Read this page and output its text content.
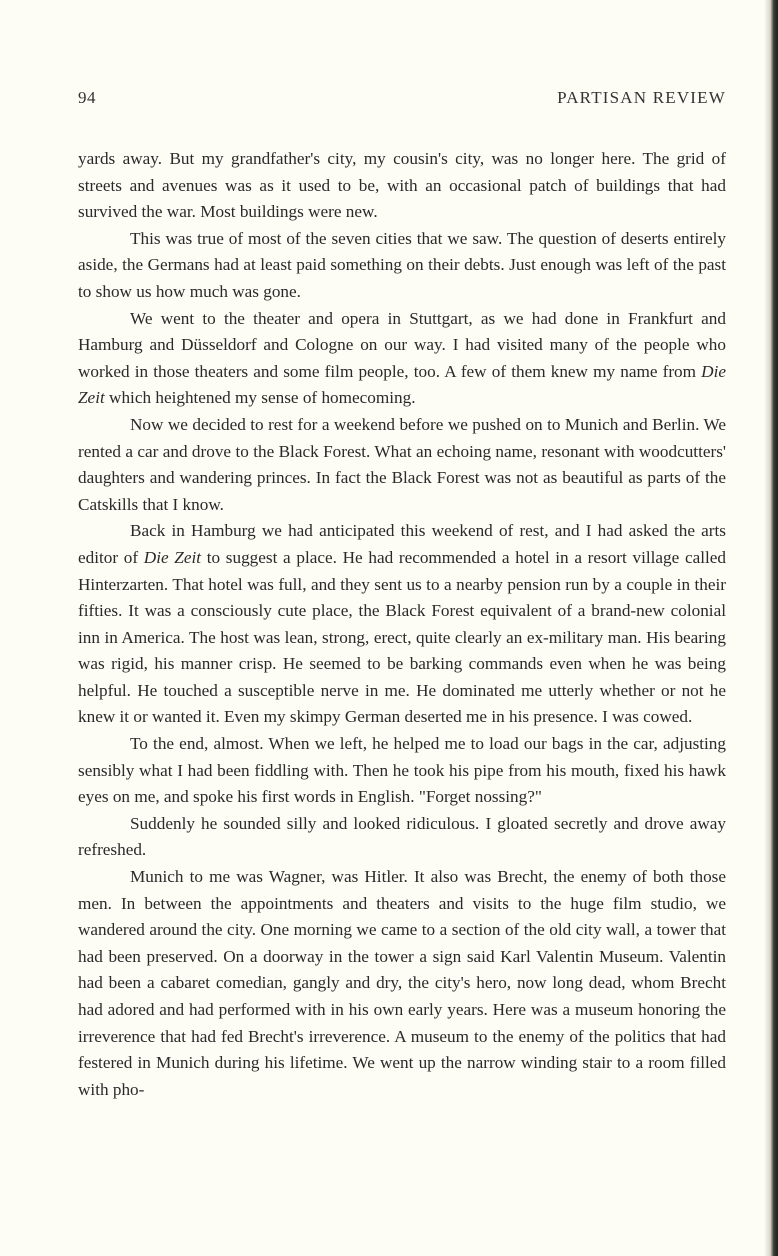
94	PARTISAN REVIEW

yards away. But my grandfather's city, my cousin's city, was no longer here. The grid of streets and avenues was as it used to be, with an occasional patch of buildings that had survived the war. Most buildings were new.

This was true of most of the seven cities that we saw. The question of deserts entirely aside, the Germans had at least paid something on their debts. Just enough was left of the past to show us how much was gone.

We went to the theater and opera in Stuttgart, as we had done in Frankfurt and Hamburg and Düsseldorf and Cologne on our way. I had visited many of the people who worked in those theaters and some film people, too. A few of them knew my name from Die Zeit which heightened my sense of homecoming.

Now we decided to rest for a weekend before we pushed on to Munich and Berlin. We rented a car and drove to the Black Forest. What an echoing name, resonant with woodcutters' daughters and wandering princes. In fact the Black Forest was not as beautiful as parts of the Catskills that I know.

Back in Hamburg we had anticipated this weekend of rest, and I had asked the arts editor of Die Zeit to suggest a place. He had recommended a hotel in a resort village called Hinterzarten. That hotel was full, and they sent us to a nearby pension run by a couple in their fifties. It was a consciously cute place, the Black Forest equivalent of a brand-new colonial inn in America. The host was lean, strong, erect, quite clearly an ex-military man. His bearing was rigid, his manner crisp. He seemed to be barking commands even when he was being helpful. He touched a susceptible nerve in me. He dominated me utterly whether or not he knew it or wanted it. Even my skimpy German deserted me in his presence. I was cowed.

To the end, almost. When we left, he helped me to load our bags in the car, adjusting sensibly what I had been fiddling with. Then he took his pipe from his mouth, fixed his hawk eyes on me, and spoke his first words in English. "Forget nossing?"

Suddenly he sounded silly and looked ridiculous. I gloated secretly and drove away refreshed.

Munich to me was Wagner, was Hitler. It also was Brecht, the enemy of both those men. In between the appointments and theaters and visits to the huge film studio, we wandered around the city. One morning we came to a section of the old city wall, a tower that had been preserved. On a doorway in the tower a sign said Karl Valentin Museum. Valentin had been a cabaret comedian, gangly and dry, the city's hero, now long dead, whom Brecht had adored and had performed with in his own early years. Here was a museum honoring the irreverence that had fed Brecht's irreverence. A museum to the enemy of the politics that had festered in Munich during his lifetime. We went up the narrow winding stair to a room filled with pho-
